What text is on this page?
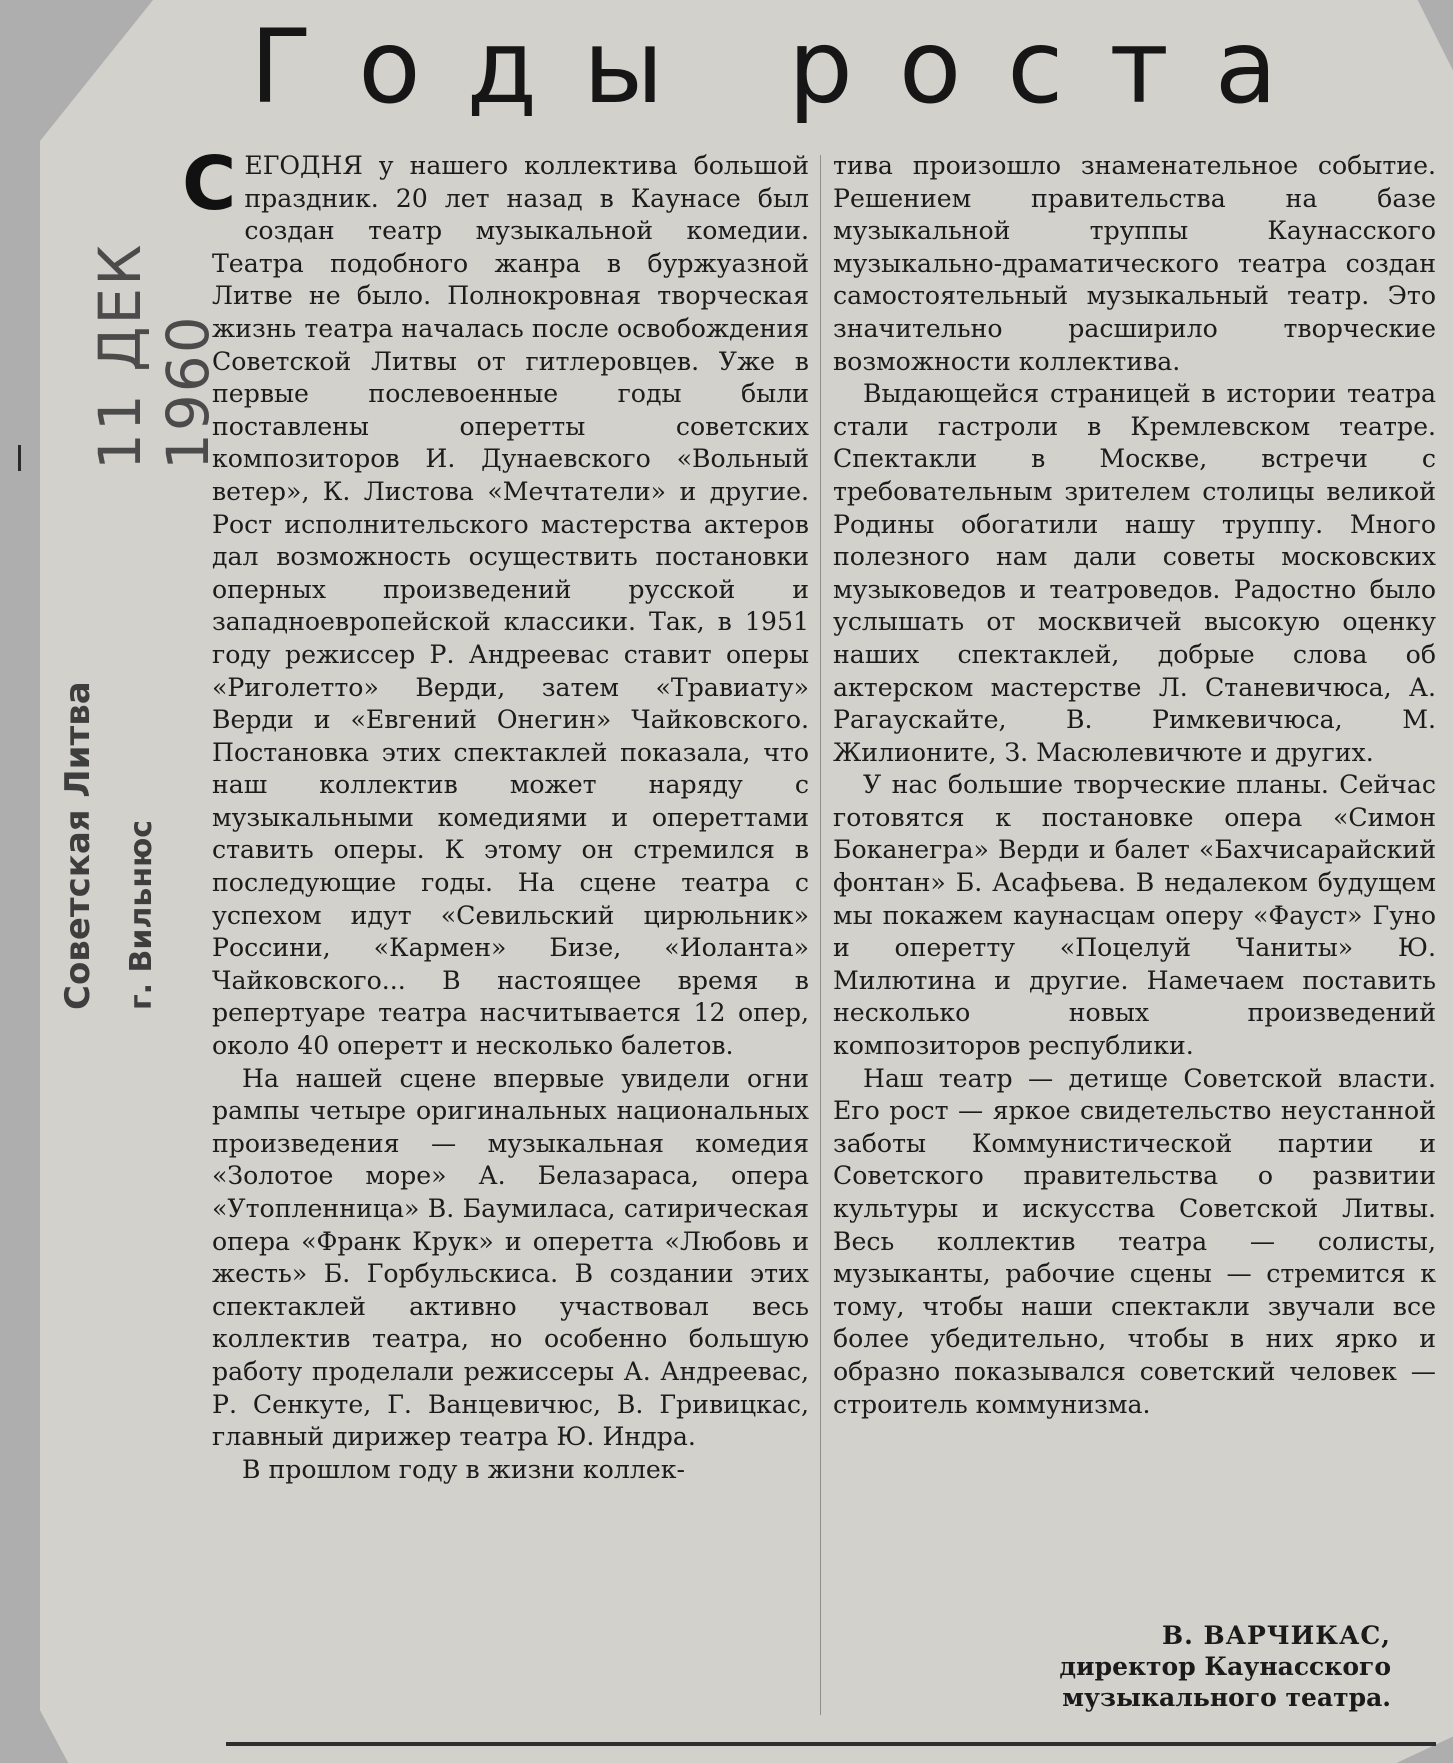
11 ДЕК 1960
Советская Литва г. Вильнюс
Годы роста

СЕГОДНЯ у нашего коллектива большой праздник. 20 лет назад в Каунасе был создан театр музыкальной комедии. Театра подобного жанра в буржуазной Литве не было. Полнокровная творческая жизнь театра началась после освобождения Советской Литвы от гитлеровцев. Уже в первые послевоенные годы были поставлены оперетты советских композиторов И. Дунаевского «Вольный ветер», К. Листова «Мечтатели» и другие. Рост исполнительского мастерства актеров дал возможность осуществить постановки оперных произведений русской и западноевропейской классики. Так, в 1951 году режиссер Р. Андреевас ставит оперы «Риголетто» Верди, затем «Травиату» Верди и «Евгений Онегин» Чайковского. Постановка этих спектаклей показала, что наш коллектив может наряду с музыкальными комедиями и опереттами ставить оперы. К этому он стремился в последующие годы. На сцене театра с успехом идут «Севильский цирюльник» Россини, «Кармен» Бизе, «Иоланта» Чайковского... В настоящее время в репертуаре театра насчитывается 12 опер, около 40 оперетт и несколько балетов.

На нашей сцене впервые увидели огни рампы четыре оригинальных национальных произведения — музыкальная комедия «Золотое море» А. Белазараса, опера «Утопленница» В. Баумиласа, сатирическая опера «Франк Крук» и оперетта «Любовь и жесть» Б. Горбульскиса. В создании этих спектаклей активно участвовал весь коллектив театра, но особенно большую работу проделали режиссеры А. Андреевас, Р. Сенкуте, Г. Ванцевичюс, В. Гривицкас, главный дирижер театра Ю. Индра.

В прошлом году в жизни коллек-

тива произошло знаменательное событие. Решением правительства на базе музыкальной труппы Каунасского музыкально-драматического театра создан самостоятельный музыкальный театр. Это значительно расширило творческие возможности коллектива.

Выдающейся страницей в истории театра стали гастроли в Кремлевском театре. Спектакли в Москве, встречи с требовательным зрителем столицы великой Родины обогатили нашу труппу. Много полезного нам дали советы московских музыковедов и театроведов. Радостно было услышать от москвичей высокую оценку наших спектаклей, добрые слова об актерском мастерстве Л. Станевичюса, А. Рагаускайте, В. Римкевичюса, М. Жилионите, З. Масюлевичюте и других.

У нас большие творческие планы. Сейчас готовятся к постановке опера «Симон Боканегра» Верди и балет «Бахчисарайский фонтан» Б. Асафьева. В недалеком будущем мы покажем каунасцам оперу «Фауст» Гуно и оперетту «Поцелуй Чаниты» Ю. Милютина и другие. Намечаем поставить несколько новых произведений композиторов республики.

Наш театр — детище Советской власти. Его рост — яркое свидетельство неустанной заботы Коммунистической партии и Советского правительства о развитии культуры и искусства Советской Литвы. Весь коллектив театра — солисты, музыканты, рабочие сцены — стремится к тому, чтобы наши спектакли звучали все более убедительно, чтобы в них ярко и образно показывался советский человек — строитель коммунизма.

В. ВАРЧИКАС,
директор Каунасского
музыкального театра.
